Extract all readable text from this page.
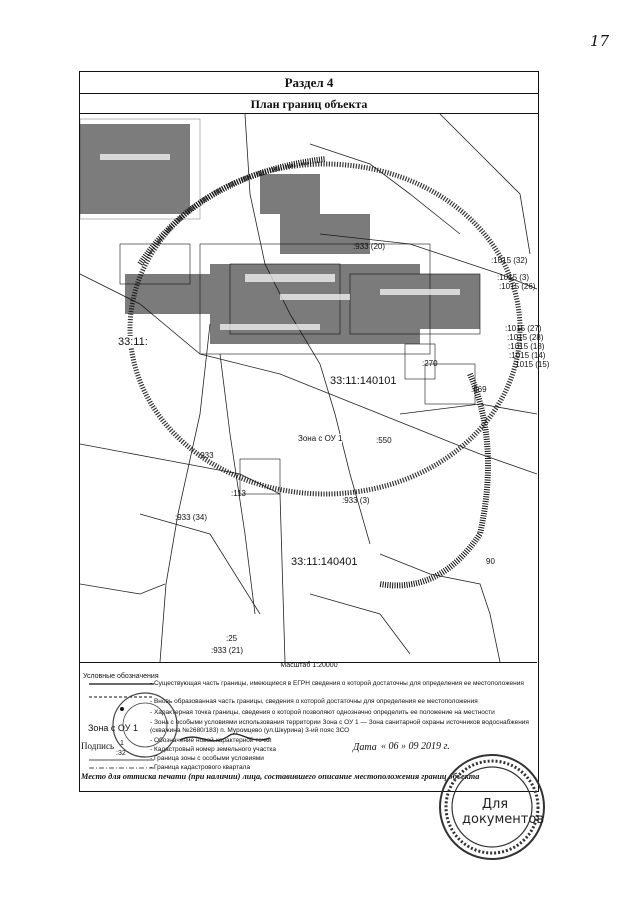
17
Раздел 4
План границ объекта
33:11:140401
33:11:140101
33:11:
Зона с ОУ 1
:933 (20)
:933 (3)
:933 (34)
:933 (21)
:933
:550
:669
:270
:113
:25
90
:1015 (32)
:1015 (3)
:1015 (26)
:1015 (27)
:1015 (28)
:1015 (18)
:1015 (14)
:1015 (15)
Масштаб 1:20000
Условные обозначения
Зона с ОУ 1
1
:32
- Существующая часть границы, имеющиеся в ЕГРН сведения о которой достаточны для определения ее местоположения
- Вновь образованная часть границы, сведения о которой достаточны для определения ее местоположения
- Характерная точка границы, сведения о которой позволяют однозначно определить ее положение на местности
- Зона с особыми условиями использования территории Зона с ОУ 1 — Зона санитарной охраны источников водоснабжения (скважина №2680/183) п. Муромцево (ул.Шкурина) 3-ий пояс ЗСО
- Обозначение новой характерной точки
- Кадастровый номер земельного участка
- Граница зоны с особыми условиями
- Граница кадастрового квартала
Подпись	Дата « 06 » 09 2019 г.
Место для оттиска печати (при наличии) лица, составившего описание местоположения границ объекта
Для документов
